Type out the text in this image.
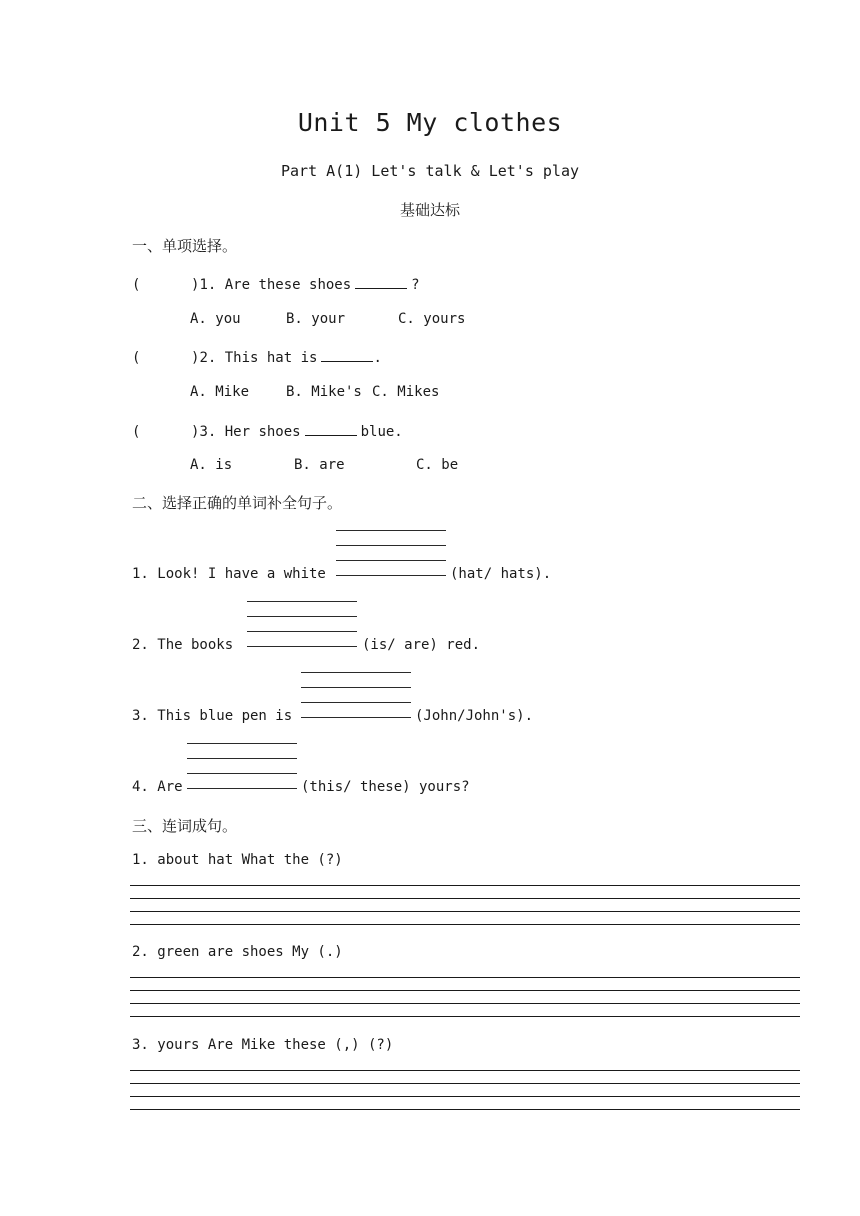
Unit 5 My clothes
Part A(1) Let's talk & Let's play
基础达标
一、单项选择。
(      )1. Are these shoes	?
A. you	B. your	C. yours
(      )2. This hat is	.
A. Mike	B. Mike's C. Mikes
(      )3. Her shoes	blue.
A. is	B. are	C. be
二、选择正确的单词补全句子。
1. Look! I have a white	(hat/ hats).
2. The books	(is/ are) red.
3. This blue pen is	(John/John's).
4. Are	(this/ these) yours?
三、连词成句。
1. about hat What the (?)
2. green are shoes My (.)
3. yours Are Mike these (,) (?)
